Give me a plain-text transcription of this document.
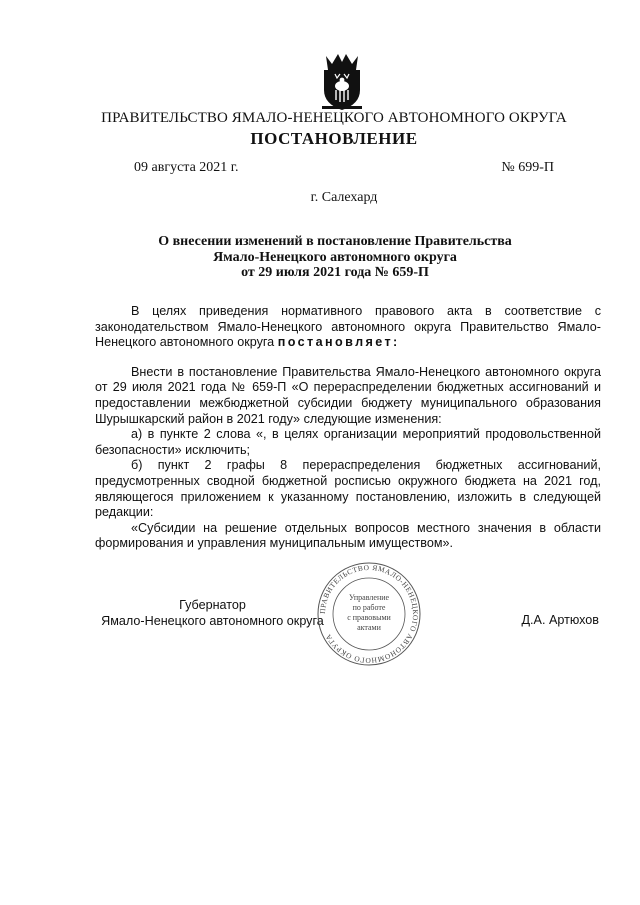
ПРАВИТЕЛЬСТВО ЯМАЛО-НЕНЕЦКОГО АВТОНОМНОГО ОКРУГА
ПОСТАНОВЛЕНИЕ
09 августа 2021 г.	№ 699-П
г. Салехард
О внесении изменений в постановление Правительства
Ямало-Ненецкого автономного округа
от 29 июля 2021 года № 659-П

В целях приведения нормативного правового акта в соответствие с законодательством Ямало-Ненецкого автономного округа Правительство Ямало-Ненецкого автономного округа постановляет:

Внести в постановление Правительства Ямало-Ненецкого автономного округа от 29 июля 2021 года № 659-П «О перераспределении бюджетных ассигнований и предоставлении межбюджетной субсидии бюджету муниципального образования Шурышкарский район в 2021 году» следующие изменения:

а) в пункте 2 слова «, в целях организации мероприятий продовольственной безопасности» исключить;

б) пункт 2 графы 8 перераспределения бюджетных ассигнований, предусмотренных сводной бюджетной росписью окружного бюджета на 2021 год, являющегося приложением к указанному постановлению, изложить в следующей редакции:

«Субсидии на решение отдельных вопросов местного значения в области формирования и управления муниципальным имуществом».

Губернатор
Ямало-Ненецкого автономного округа	Д.А. Артюхов
ПРАВИТЕЛЬСТВО ЯМАЛО-НЕНЕЦКОГО АВТОНОМНОГО ОКРУГА
Управление
по работе
с правовыми
актами
